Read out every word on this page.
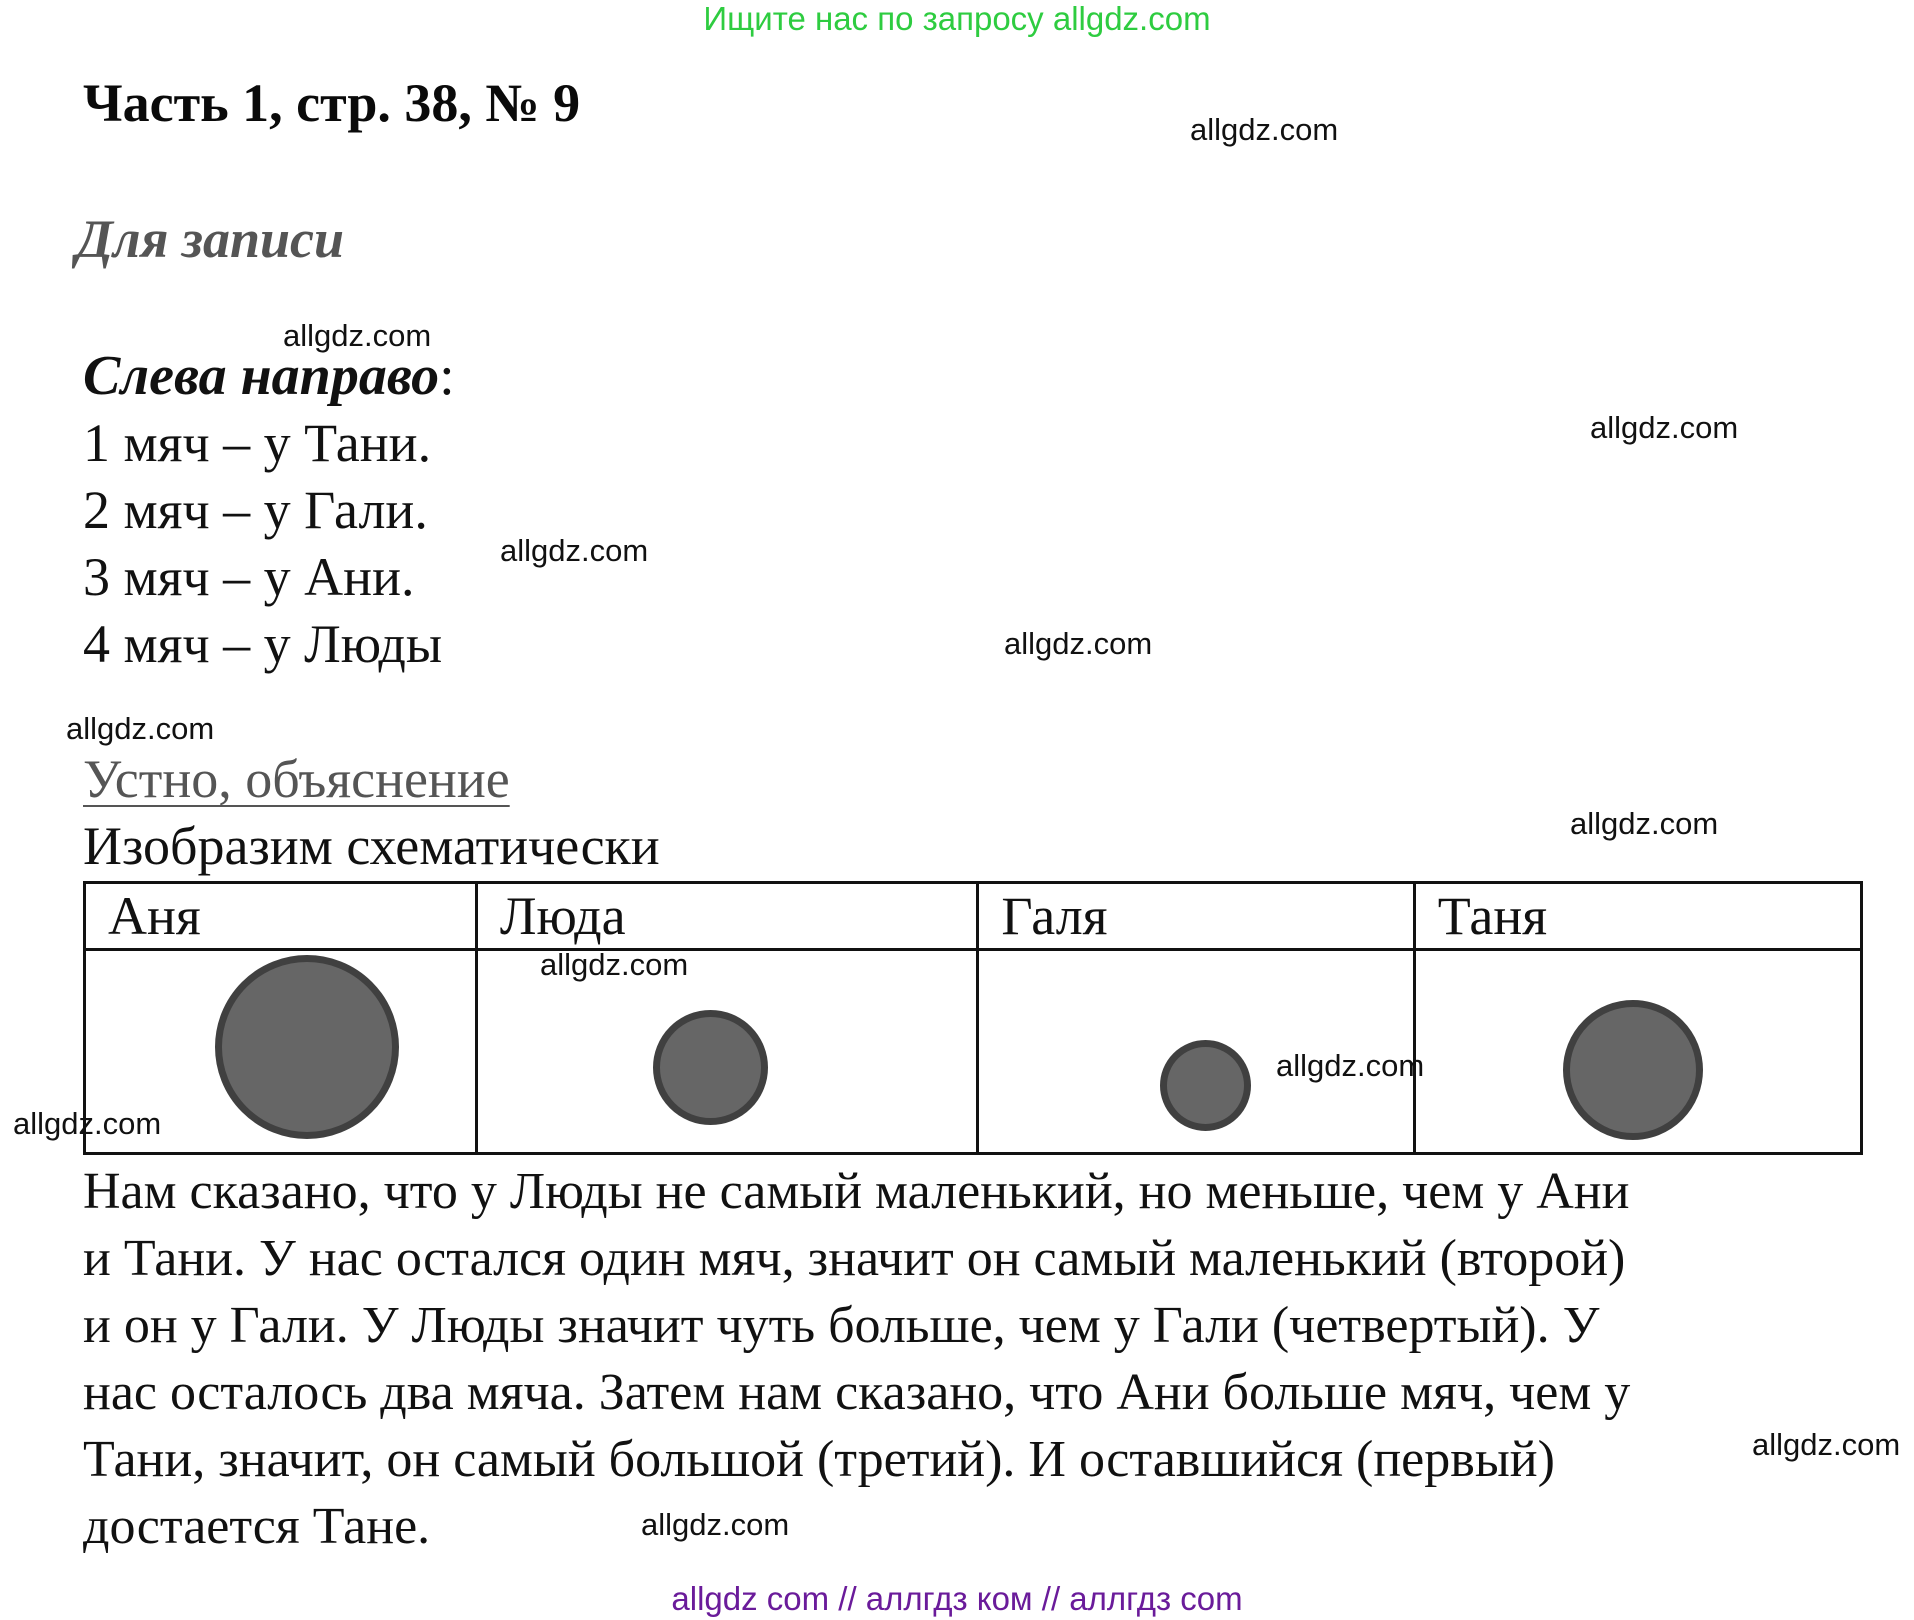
Ищите нас по запросу allgdz.com
Часть 1, стр. 38, № 9
Для записи
Слева направо:
1 мяч – у Тани.
2 мяч – у Гали.
3 мяч – у Ани.
4 мяч – у Люды
Устно, объяснение
Изобразим схематически
Аня	Люда	Галя	Таня

Нам сказано, что у Люды не самый маленький, но меньше, чем у Ани
и Тани. У нас остался один мяч, значит он самый маленький (второй)
и он у Гали. У Люды значит чуть больше, чем у Гали (четвертый). У
нас осталось два мяча. Затем нам сказано, что Ани больше мяч, чем у
Тани, значит, он самый большой (третий). И оставшийся (первый)
достается Тане.
allgdz.com
allgdz.com
allgdz.com
allgdz.com
allgdz.com
allgdz.com
allgdz.com
allgdz.com
allgdz.com
allgdz.com
allgdz.com
allgdz.com
allgdz com // аллгдз ком // аллгдз com
